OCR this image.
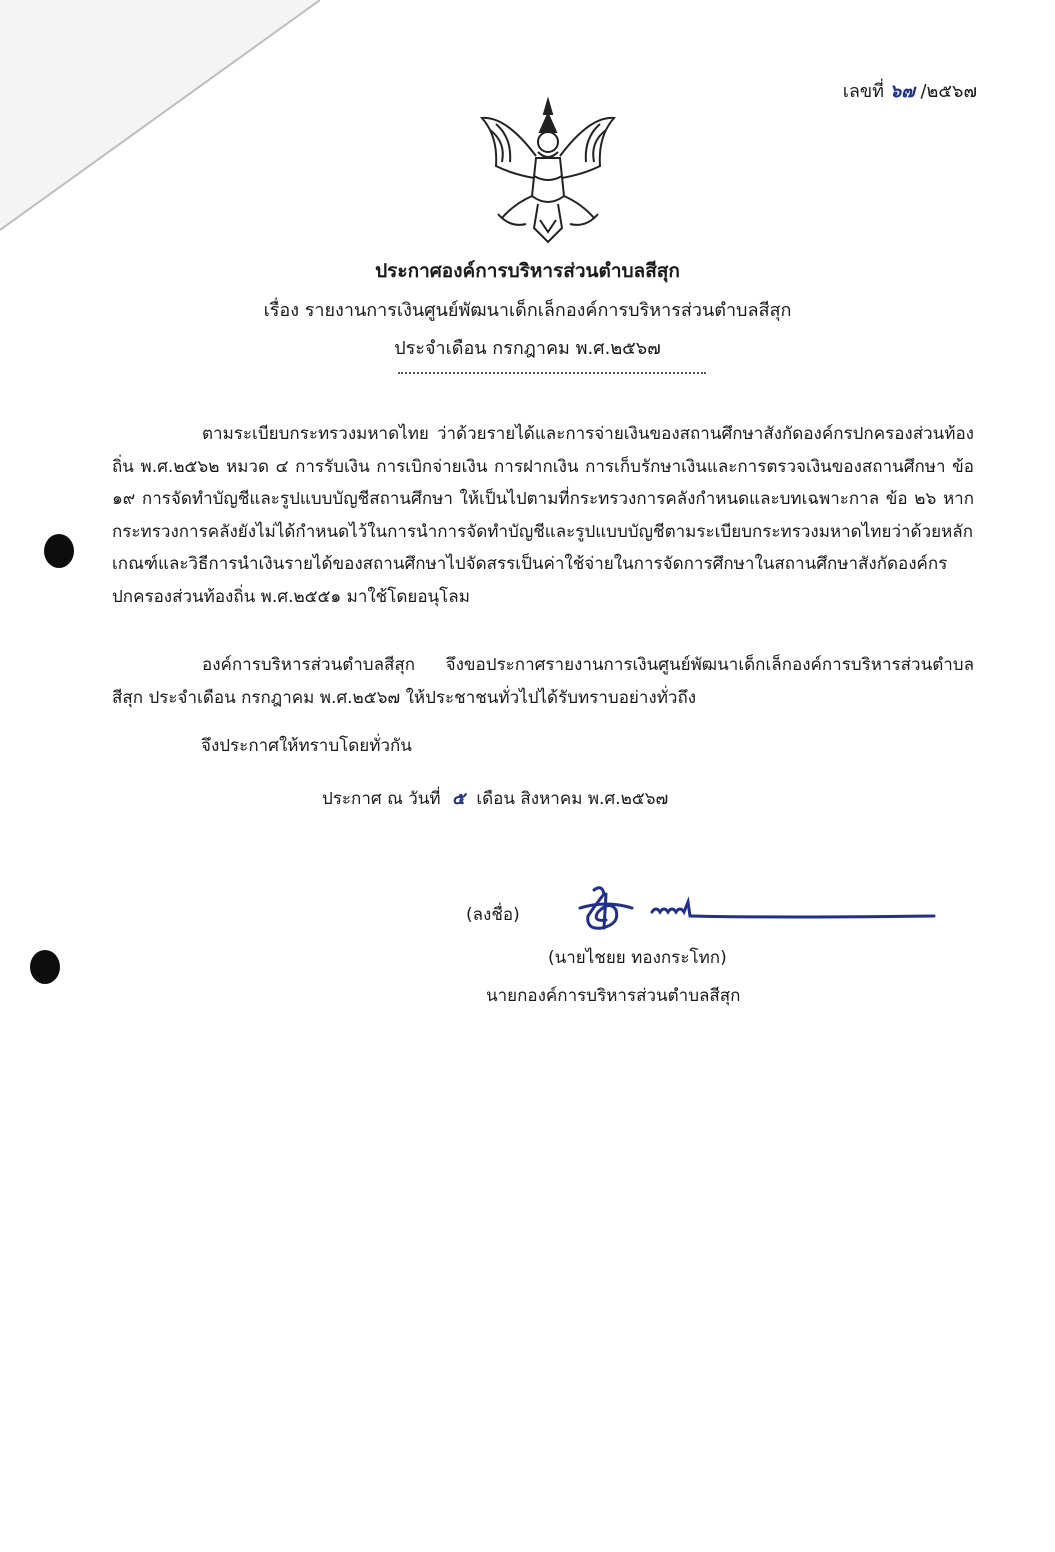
เลขที่ ๖๗ /๒๕๖๗
ประกาศองค์การบริหารส่วนตำบลสีสุก
เรื่อง รายงานการเงินศูนย์พัฒนาเด็กเล็กองค์การบริหารส่วนตำบลสีสุก
ประจำเดือน กรกฎาคม พ.ศ.๒๕๖๗
ตามระเบียบกระทรวงมหาดไทย ว่าด้วยรายได้และการจ่ายเงินของสถานศึกษาสังกัดองค์กรปกครองส่วนท้องถิ่น พ.ศ.๒๕๖๒ หมวด ๔ การรับเงิน การเบิกจ่ายเงิน การฝากเงิน การเก็บรักษาเงินและการตรวจเงินของสถานศึกษา ข้อ ๑๙ การจัดทำบัญชีและรูปแบบบัญชีสถานศึกษา ให้เป็นไปตามที่กระทรวงการคลังกำหนดและบทเฉพาะกาล ข้อ ๒๖ หากกระทรวงการคลังยังไม่ได้กำหนดไว้ในการนำการจัดทำบัญชีและรูปแบบบัญชีตามระเบียบกระทรวงมหาดไทยว่าด้วยหลักเกณฑ์และวิธีการนำเงินรายได้ของสถานศึกษาไปจัดสรรเป็นค่าใช้จ่ายในการจัดการศึกษาในสถานศึกษาสังกัดองค์กรปกครองส่วนท้องถิ่น พ.ศ.๒๕๕๑ มาใช้โดยอนุโลม
องค์การบริหารส่วนตำบลสีสุก จึงขอประกาศรายงานการเงินศูนย์พัฒนาเด็กเล็กองค์การบริหารส่วนตำบลสีสุก ประจำเดือน กรกฎาคม พ.ศ.๒๕๖๗ ให้ประชาชนทั่วไปได้รับทราบอย่างทั่วถึง
จึงประกาศให้ทราบโดยทั่วกัน
ประกาศ ณ วันที่ ๕ เดือน สิงหาคม พ.ศ.๒๕๖๗
(ลงชื่อ)
(นายไชยย ทองกระโทก)
นายกองค์การบริหารส่วนตำบลสีสุก
